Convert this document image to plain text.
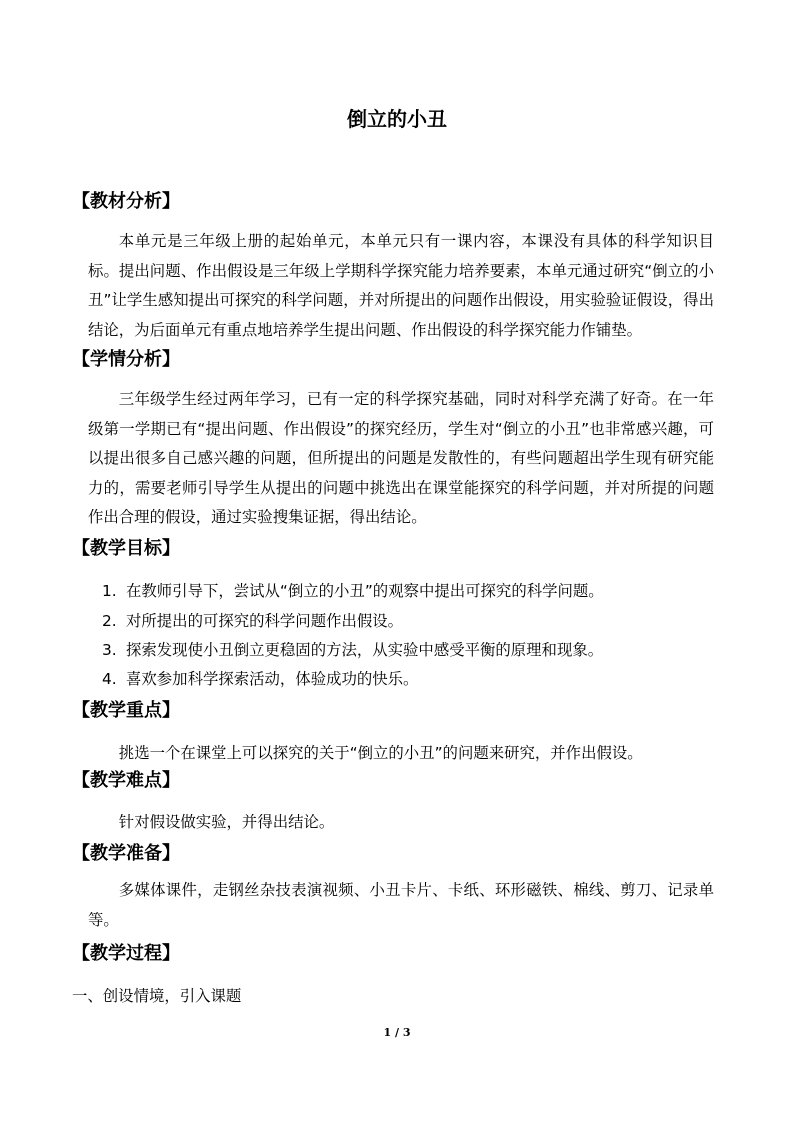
倒立的小丑
【教材分析】

本单元是三年级上册的起始单元，本单元只有一课内容，本课没有具体的科学知识目标。提出问题、作出假设是三年级上学期科学探究能力培养要素，本单元通过研究“倒立的小丑”让学生感知提出可探究的科学问题，并对所提出的问题作出假设，用实验验证假设，得出结论，为后面单元有重点地培养学生提出问题、作出假设的科学探究能力作铺垫。

【学情分析】

三年级学生经过两年学习，已有一定的科学探究基础，同时对科学充满了好奇。在一年级第一学期已有“提出问题、作出假设”的探究经历，学生对“倒立的小丑”也非常感兴趣，可以提出很多自己感兴趣的问题，但所提出的问题是发散性的，有些问题超出学生现有研究能力的，需要老师引导学生从提出的问题中挑选出在课堂能探究的科学问题，并对所提的问题作出合理的假设，通过实验搜集证据，得出结论。

【教学目标】
1. 在教师引导下，尝试从“倒立的小丑”的观察中提出可探究的科学问题。
2. 对所提出的可探究的科学问题作出假设。
3. 探索发现使小丑倒立更稳固的方法，从实验中感受平衡的原理和现象。
4. 喜欢参加科学探索活动，体验成功的快乐。
【教学重点】
挑选一个在课堂上可以探究的关于“倒立的小丑”的问题来研究，并作出假设。
【教学难点】
针对假设做实验，并得出结论。
【教学准备】

多媒体课件，走钢丝杂技表演视频、小丑卡片、卡纸、环形磁铁、棉线、剪刀、记录单等。

【教学过程】
一、创设情境，引入课题
1 / 3
